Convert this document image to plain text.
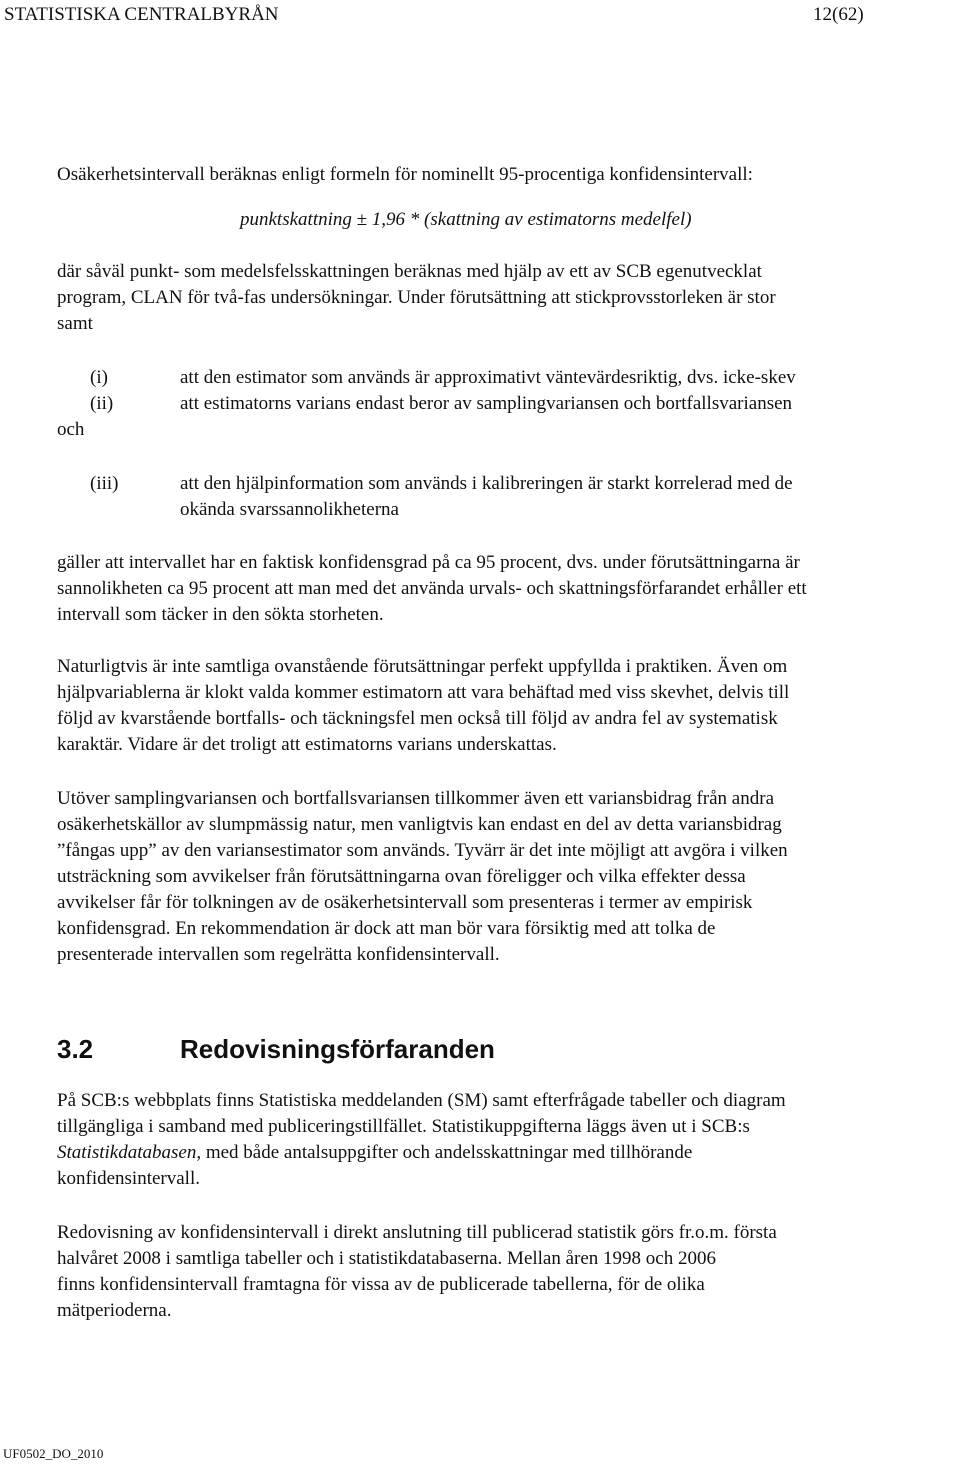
STATISTISKA CENTRALBYRÅN	12(62)
Osäkerhetsintervall beräknas enligt formeln för nominellt 95-procentiga konfidensintervall:
punktskattning ± 1,96 * (skattning av estimatorns medelfel)
där såväl punkt- som medelsfelsskattningen beräknas med hjälp av ett av SCB egenutvecklat
program, CLAN för två-fas undersökningar. Under förutsättning att stickprovsstorleken är stor
samt
(i)	att den estimator som används är approximativt väntevärdesriktig, dvs. icke-skev
(ii)	att estimatorns varians endast beror av samplingvariansen och bortfallsvariansen
och
(iii)	att den hjälpinformation som används i kalibreringen är starkt korrelerad med de
okända svarssannolikheterna
gäller att intervallet har en faktisk konfidensgrad på ca 95 procent, dvs. under förutsättningarna är
sannolikheten ca 95 procent att man med det använda urvals- och skattningsförfarandet erhåller ett
intervall som täcker in den sökta storheten.
Naturligtvis är inte samtliga ovanstående förutsättningar perfekt uppfyllda i praktiken. Även om
hjälpvariablerna är klokt valda kommer estimatorn att vara behäftad med viss skevhet, delvis till
följd av kvarstående bortfalls- och täckningsfel men också till följd av andra fel av systematisk
karaktär. Vidare är det troligt att estimatorns varians underskattas.
Utöver samplingvariansen och bortfallsvariansen tillkommer även ett variansbidrag från andra
osäkerhetskällor av slumpmässig natur, men vanligtvis kan endast en del av detta variansbidrag
”fångas upp” av den variansestimator som används. Tyvärr är det inte möjligt att avgöra i vilken
utsträckning som avvikelser från förutsättningarna ovan föreligger och vilka effekter dessa
avvikelser får för tolkningen av de osäkerhetsintervall som presenteras i termer av empirisk
konfidensgrad. En rekommendation är dock att man bör vara försiktig med att tolka de
presenterade intervallen som regelrätta konfidensintervall.
3.2	Redovisningsförfaranden
På SCB:s webbplats finns Statistiska meddelanden (SM) samt efterfrågade tabeller och diagram
tillgängliga i samband med publiceringstillfället. Statistikuppgifterna läggs även ut i SCB:s
Statistikdatabasen, med både antalsuppgifter och andelsskattningar med tillhörande
konfidensintervall.
Redovisning av konfidensintervall i direkt anslutning till publicerad statistik görs fr.o.m. första
halvåret 2008 i samtliga tabeller och i statistikdatabaserna. Mellan åren 1998 och 2006
finns konfidensintervall framtagna för vissa av de publicerade tabellerna, för de olika
mätperioderna.
UF0502_DO_2010
